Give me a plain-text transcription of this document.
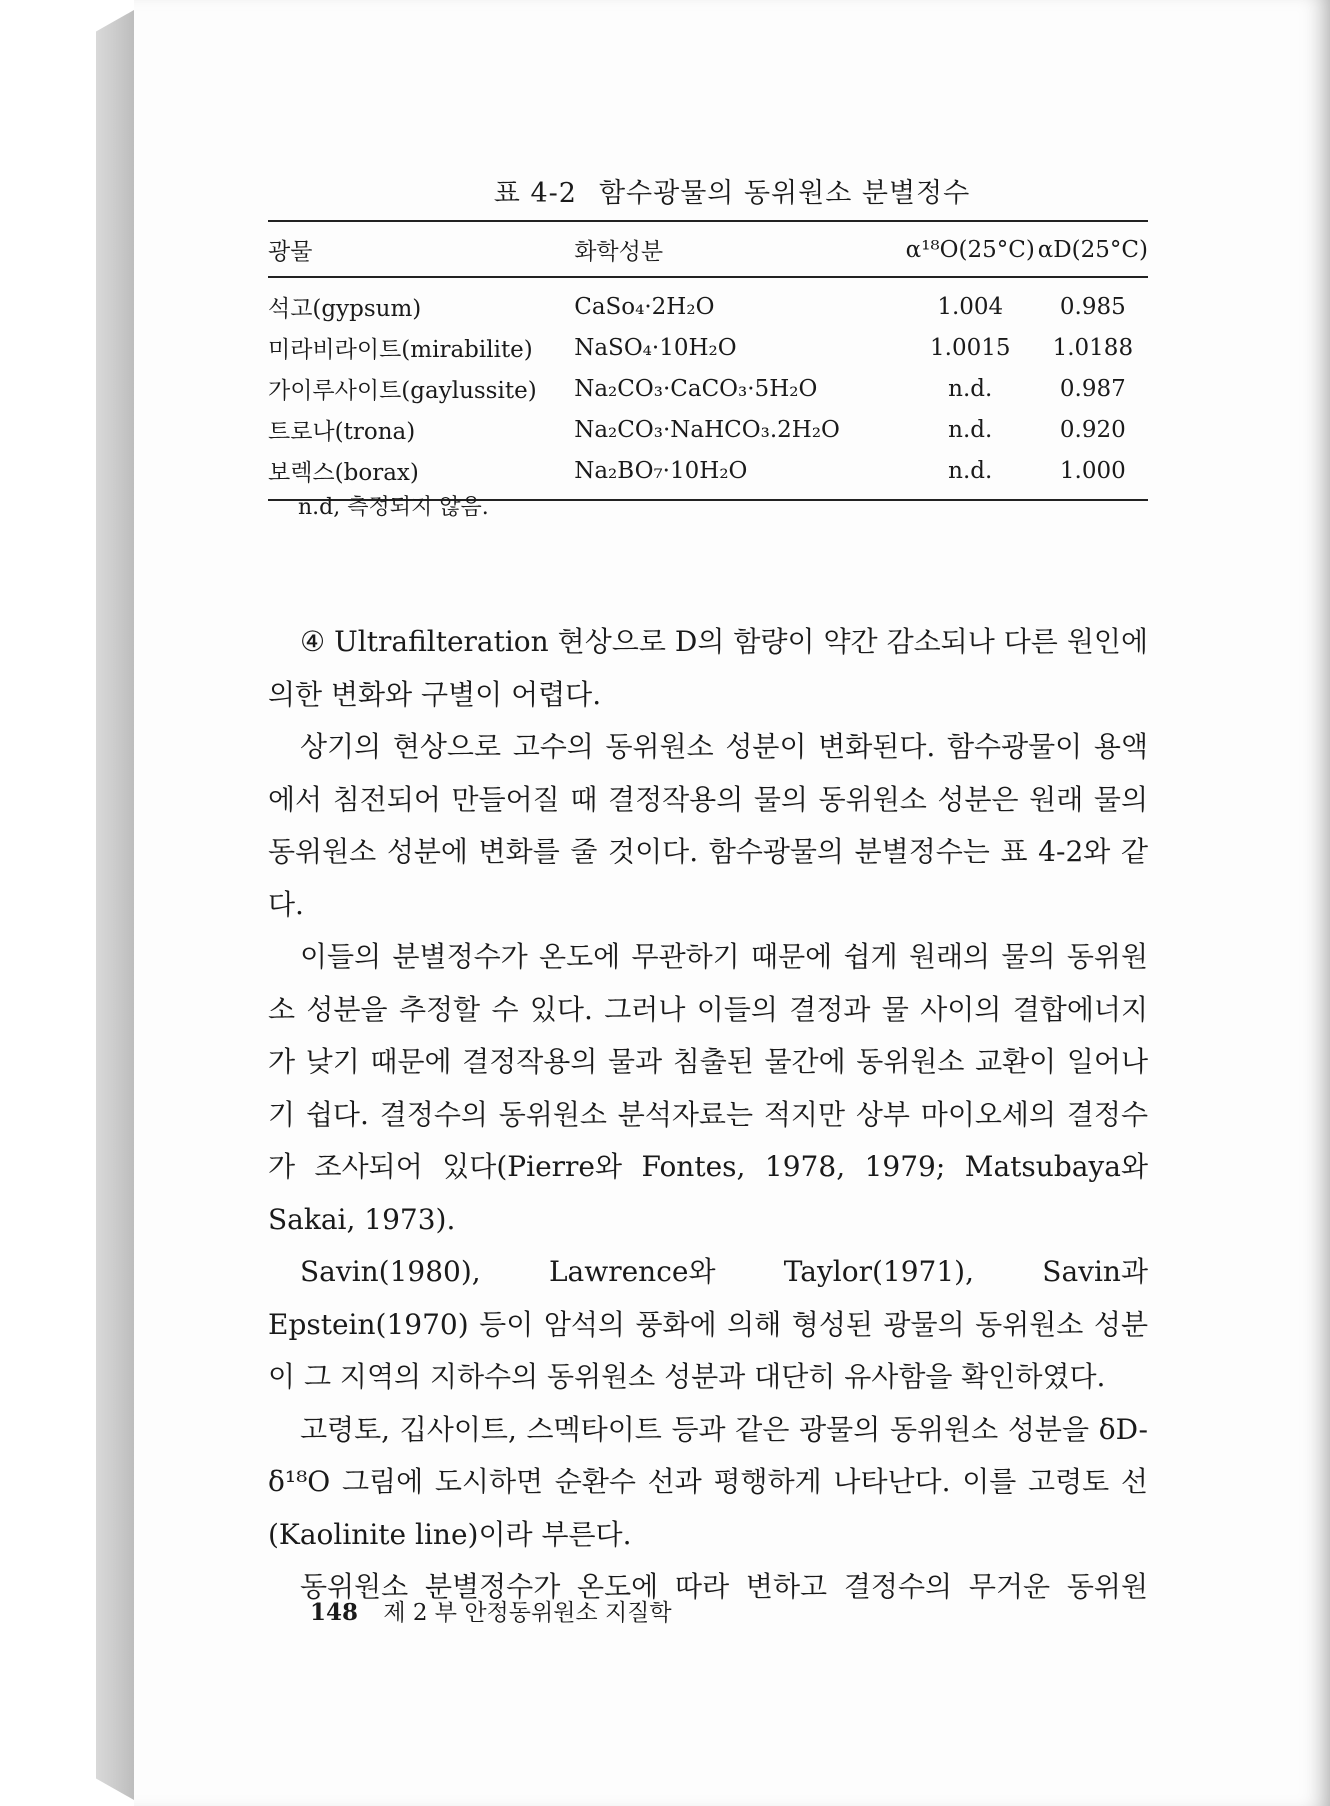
표 4-2 함수광물의 동위원소 분별정수
광물	화학성분	α¹⁸O(25°C)	αD(25°C)
석고(gypsum)	CaSo₄·2H₂O	1.004	0.985
미라비라이트(mirabilite)	NaSO₄·10H₂O	1.0015	1.0188
가이루사이트(gaylussite)	Na₂CO₃·CaCO₃·5H₂O	n.d.	0.987
트로나(trona)	Na₂CO₃·NaHCO₃.2H₂O	n.d.	0.920
보렉스(borax)	Na₂BO₇·10H₂O	n.d.	1.000
n.d, 측정되지 않음.

④ Ultrafilteration 현상으로 D의 함량이 약간 감소되나 다른 원인에 의한 변화와 구별이 어렵다.

상기의 현상으로 고수의 동위원소 성분이 변화된다. 함수광물이 용액에서 침전되어 만들어질 때 결정작용의 물의 동위원소 성분은 원래 물의 동위원소 성분에 변화를 줄 것이다. 함수광물의 분별정수는 표 4-2와 같다.

이들의 분별정수가 온도에 무관하기 때문에 쉽게 원래의 물의 동위원소 성분을 추정할 수 있다. 그러나 이들의 결정과 물 사이의 결합에너지가 낮기 때문에 결정작용의 물과 침출된 물간에 동위원소 교환이 일어나기 쉽다. 결정수의 동위원소 분석자료는 적지만 상부 마이오세의 결정수가 조사되어 있다(Pierre와 Fontes, 1978, 1979; Matsubaya와 Sakai, 1973).

Savin(1980), Lawrence와 Taylor(1971), Savin과 Epstein(1970) 등이 암석의 풍화에 의해 형성된 광물의 동위원소 성분이 그 지역의 지하수의 동위원소 성분과 대단히 유사함을 확인하였다.

고령토, 깁사이트, 스멕타이트 등과 같은 광물의 동위원소 성분을 δD-δ¹⁸O 그림에 도시하면 순환수 선과 평행하게 나타난다. 이를 고령토 선(Kaolinite line)이라 부른다.

동위원소 분별정수가 온도에 따라 변하고 결정수의 무거운 동위원

148 제 2 부 안정동위원소 지질학
